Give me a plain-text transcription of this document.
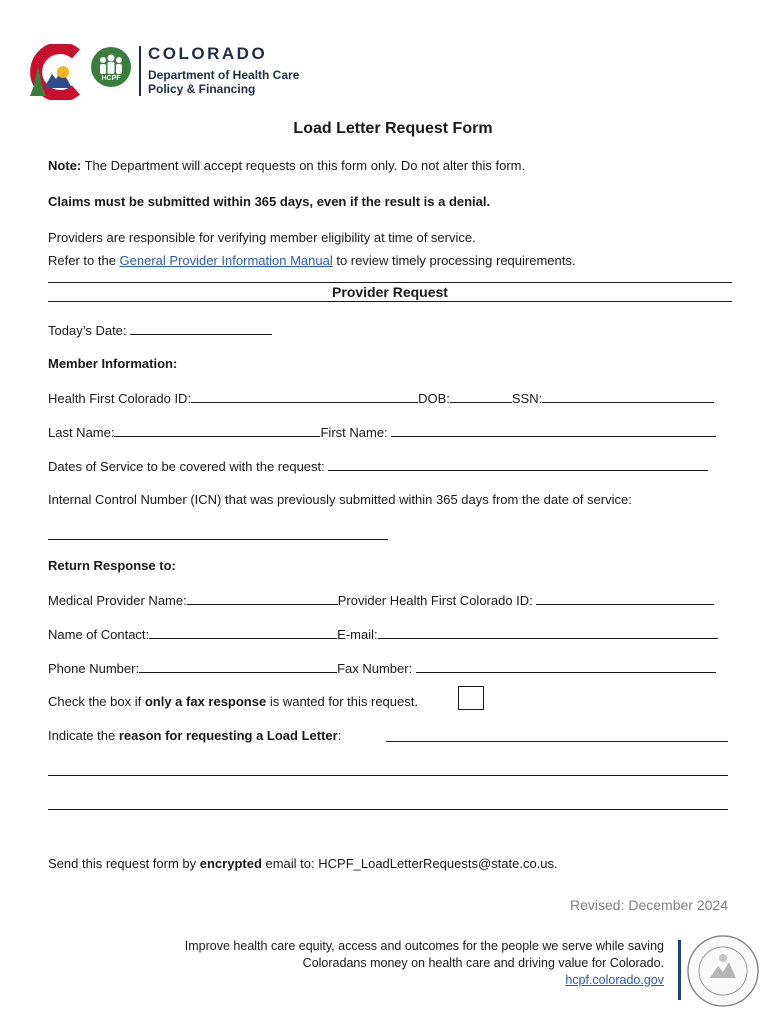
HCPF
COLORADO
Department of Health Care
Policy & Financing
Load Letter Request Form
Note: The Department will accept requests on this form only. Do not alter this form.
Claims must be submitted within 365 days, even if the result is a denial.
Providers are responsible for verifying member eligibility at time of service.
Refer to the General Provider Information Manual to review timely processing requirements.
Provider Request
Today’s Date:
Member Information:
Health First Colorado ID:	DOB:	SSN:
Last Name:	First Name:
Dates of Service to be covered with the request:
Internal Control Number (ICN) that was previously submitted within 365 days from the date of service:
Return Response to:
Medical Provider Name:	Provider Health First Colorado ID:
Name of Contact:	E-mail:
Phone Number:	Fax Number:
Check the box if only a fax response is wanted for this request.
Indicate the reason for requesting a Load Letter:
Send this request form by encrypted email to: HCPF_LoadLetterRequests@state.co.us.
Revised: December 2024
Improve health care equity, access and outcomes for the people we serve while saving
Coloradans money on health care and driving value for Colorado.
hcpf.colorado.gov
